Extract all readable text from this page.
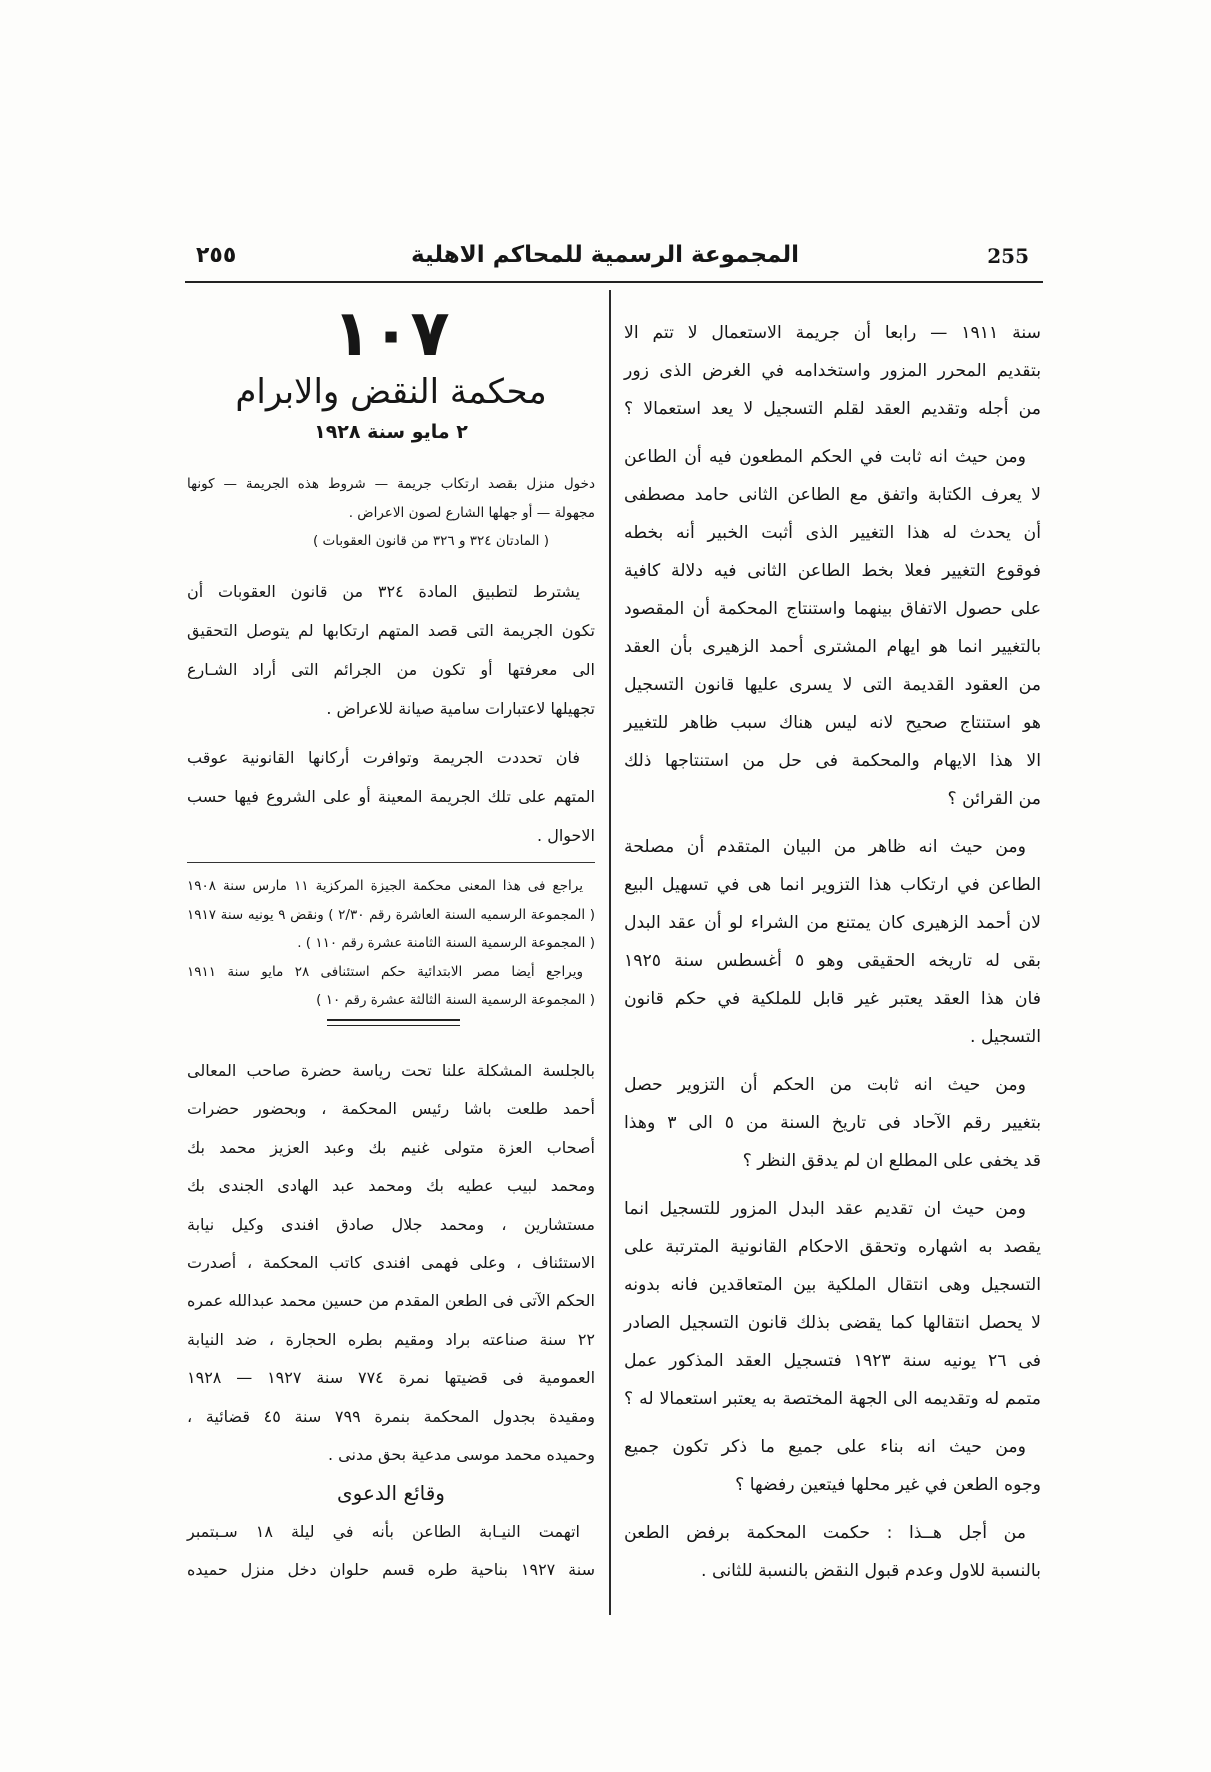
٢٥٥	المجموعة الرسمية للمحاكم الاهلية	255
سنة ١٩١١ — رابعا أن جريمة الاستعمال لا تتم الا
بتقديم المحرر المزور واستخدامه في الغرض الذى زور
من أجله وتقديم العقد لقلم التسجيل لا يعد استعمالا ؟
ومن حيث انه ثابت في الحكم المطعون فيه أن الطاعن
لا يعرف الكتابة واتفق مع الطاعن الثانى حامد مصطفى
أن يحدث له هذا التغيير الذى أثبت الخبير أنه بخطه
فوقوع التغيير فعلا بخط الطاعن الثانى فيه دلالة كافية
على حصول الاتفاق بينهما واستنتاج المحكمة أن المقصود
بالتغيير انما هو ايهام المشترى أحمد الزهيرى بأن العقد
من العقود القديمة التى لا يسرى عليها قانون التسجيل
هو استنتاج صحيح لانه ليس هناك سبب ظاهر للتغيير
الا هذا الايهام والمحكمة فى حل من استنتاجها ذلك
من القرائن ؟
ومن حيث انه ظاهر من البيان المتقدم أن مصلحة
الطاعن في ارتكاب هذا التزوير انما هى في تسهيل البيع
لان أحمد الزهيرى كان يمتنع من الشراء لو أن عقد البدل
بقى له تاريخه الحقيقى وهو ٥ أغسطس سنة ١٩٢٥
فان هذا العقد يعتبر غير قابل للملكية في حكم قانون
التسجيل .
ومن حيث انه ثابت من الحكم أن التزوير حصل
بتغيير رقم الآحاد فى تاريخ السنة من ٥ الى ٣ وهذا
قد يخفى على المطلع ان لم يدقق النظر ؟
ومن حيث ان تقديم عقد البدل المزور للتسجيل انما
يقصد به اشهاره وتحقق الاحكام القانونية المترتبة على
التسجيل وهى انتقال الملكية بين المتعاقدين فانه بدونه
لا يحصل انتقالها كما يقضى بذلك قانون التسجيل الصادر
فى ٢٦ يونيه سنة ١٩٢٣ فتسجيل العقد المذكور عمل
متمم له وتقديمه الى الجهة المختصة به يعتبر استعمالا له ؟
ومن حيث انه بناء على جميع ما ذكر تكون جميع
وجوه الطعن في غير محلها فيتعين رفضها ؟
من أجل هــذا : حكمت المحكمة برفض الطعن
بالنسبة للاول وعدم قبول النقض بالنسبة للثانى .
١٠٧
محكمة النقض والابرام
٢ مايو سنة ١٩٢٨
دخول منزل بقصد ارتكاب جريمة — شروط هذه الجريمة — كونها
مجهولة — أو جهلها الشارع لصون الاعراض .
( المادتان ٣٢٤ و ٣٢٦ من قانون العقوبات )
يشترط لتطبيق المادة ٣٢٤ من قانون العقوبات أن
تكون الجريمة التى قصد المتهم ارتكابها لم يتوصل التحقيق
الى معرفتها أو تكون من الجرائم التى أراد الشـارع
تجهيلها لاعتبارات سامية صيانة للاعراض .
فان تحددت الجريمة وتوافرت أركانها القانونية عوقب
المتهم على تلك الجريمة المعينة أو على الشروع فيها حسب
الاحوال .
يراجع فى هذا المعنى محكمة الجيزة المركزية ١١ مارس سنة ١٩٠٨
( المجموعة الرسميه السنة العاشرة رقم ٢/٣٠ ) ونقض ٩ يونيه سنة ١٩١٧
( المجموعة الرسمية السنة الثامنة عشرة رقم ١١٠ ) .
ويراجع أيضا مصر الابتدائية حكم استئنافى ٢٨ مايو سنة ١٩١١
( المجموعة الرسمية السنة الثالثة عشرة رقم ١٠ )
بالجلسة المشكلة علنا تحت رياسة حضرة صاحب المعالى
أحمد طلعت باشا رئيس المحكمة ، وبحضور حضرات
أصحاب العزة متولى غنيم بك وعبد العزيز محمد بك
ومحمد لبيب عطيه بك ومحمد عبد الهادى الجندى بك
مستشارين ، ومحمد جلال صادق افندى وكيل نيابة
الاستئناف ، وعلى فهمى افندى كاتب المحكمة ، أصدرت
الحكم الآتى فى الطعن المقدم من حسين محمد عبدالله عمره
٢٢ سنة صناعته براد ومقيم بطره الحجارة ، ضد النيابة
العمومية فى قضيتها نمرة ٧٧٤ سنة ١٩٢٧ — ١٩٢٨
ومقيدة بجدول المحكمة بنمرة ٧٩٩ سنة ٤٥ قضائية ،
وحميده محمد موسى مدعية بحق مدنى .
وقائع الدعوى
اتهمت النيـابة الطاعن بأنه في ليلة ١٨ سـبتمبر
سنة ١٩٢٧ بناحية طره قسم حلوان دخل منزل حميده
